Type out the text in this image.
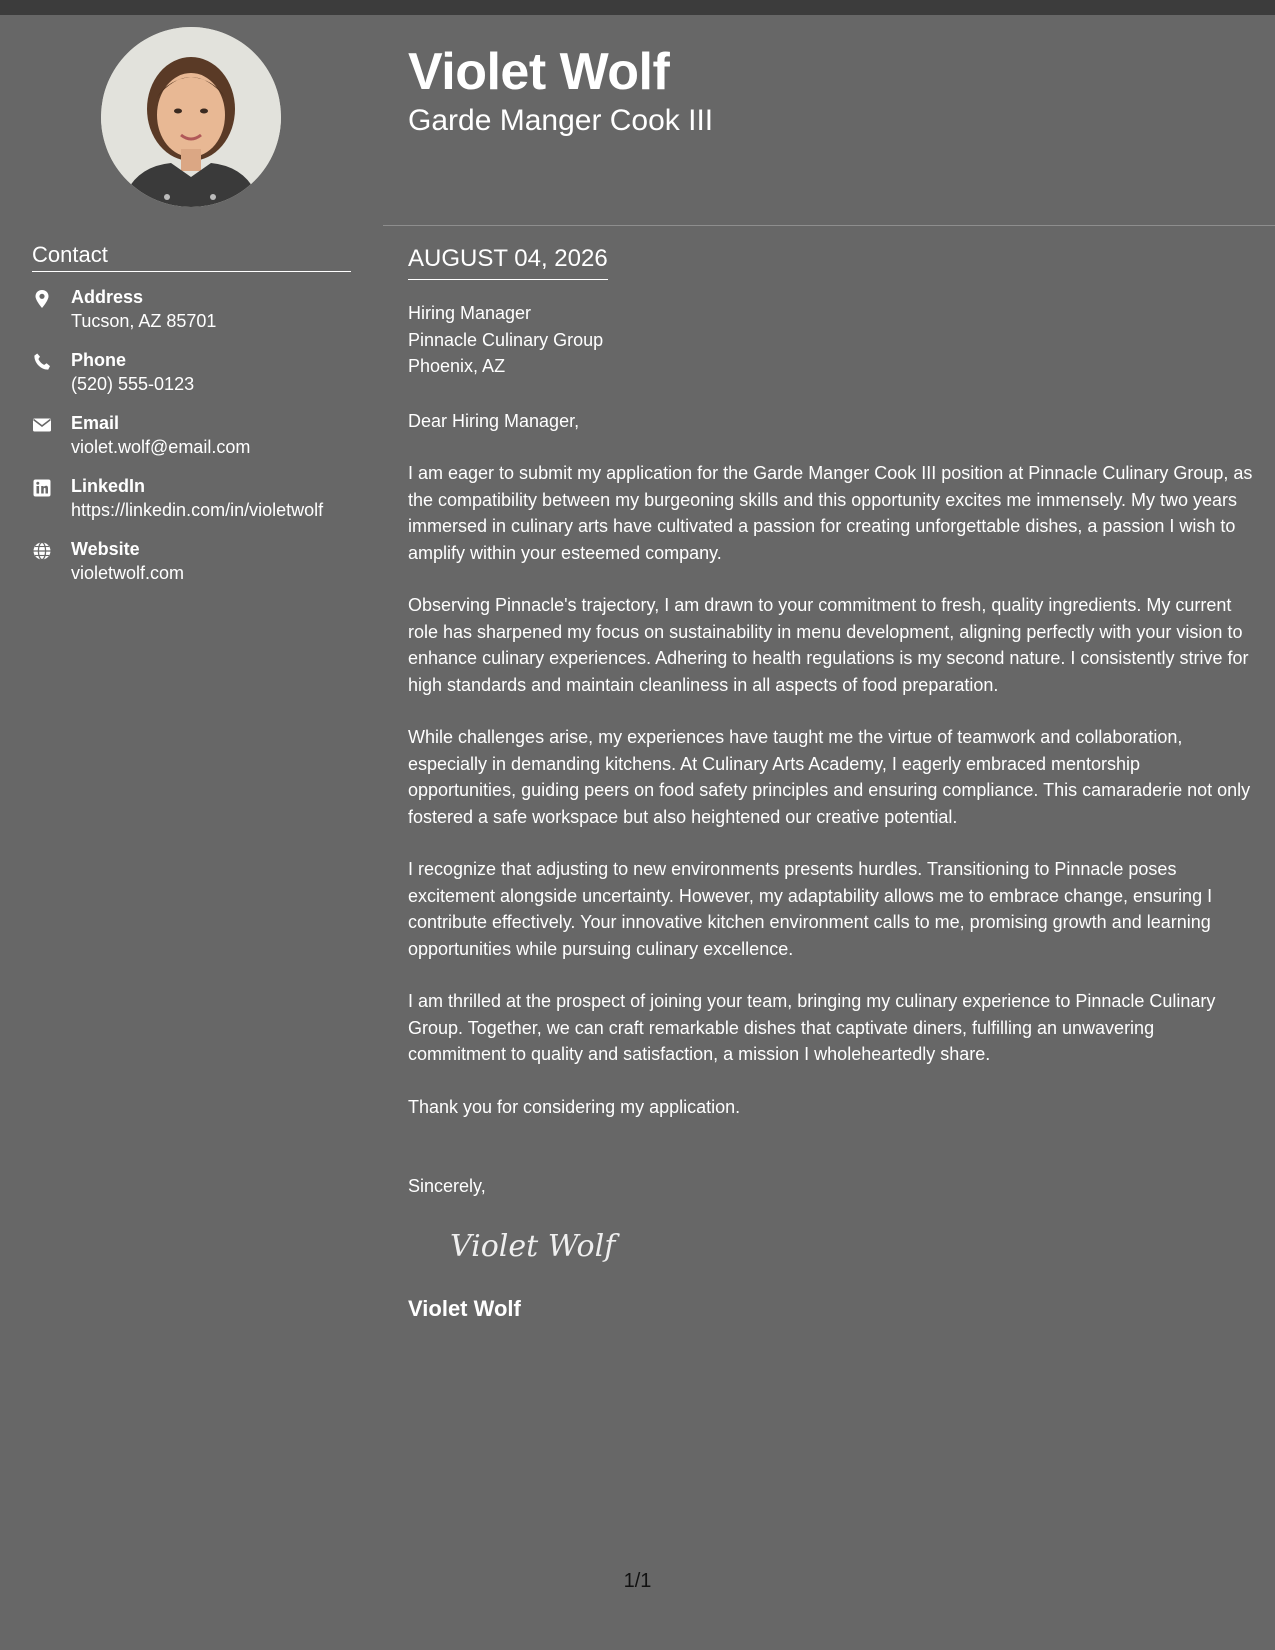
Contact
Address
Tucson, AZ 85701
Phone
(520) 555-0123
Email
violet.wolf@email.com
LinkedIn
https://linkedin.com/in/violetwolf
Website
violetwolf.com
Violet Wolf
Garde Manger Cook III
AUGUST 04, 2026
Hiring Manager
Pinnacle Culinary Group
Phoenix, AZ
Dear Hiring Manager,

I am eager to submit my application for the Garde Manger Cook III position at Pinnacle Culinary Group, as the compatibility between my burgeoning skills and this opportunity excites me immensely. My two years immersed in culinary arts have cultivated a passion for creating unforgettable dishes, a passion I wish to amplify within your esteemed company.

Observing Pinnacle's trajectory, I am drawn to your commitment to fresh, quality ingredients. My current role has sharpened my focus on sustainability in menu development, aligning perfectly with your vision to enhance culinary experiences. Adhering to health regulations is my second nature. I consistently strive for high standards and maintain cleanliness in all aspects of food preparation.

While challenges arise, my experiences have taught me the virtue of teamwork and collaboration, especially in demanding kitchens. At Culinary Arts Academy, I eagerly embraced mentorship opportunities, guiding peers on food safety principles and ensuring compliance. This camaraderie not only fostered a safe workspace but also heightened our creative potential.

I recognize that adjusting to new environments presents hurdles. Transitioning to Pinnacle poses excitement alongside uncertainty. However, my adaptability allows me to embrace change, ensuring I contribute effectively. Your innovative kitchen environment calls to me, promising growth and learning opportunities while pursuing culinary excellence.

I am thrilled at the prospect of joining your team, bringing my culinary experience to Pinnacle Culinary Group. Together, we can craft remarkable dishes that captivate diners, fulfilling an unwavering commitment to quality and satisfaction, a mission I wholeheartedly share.

Thank you for considering my application.

Sincerely,
Violet Wolf
Violet Wolf
1/1
